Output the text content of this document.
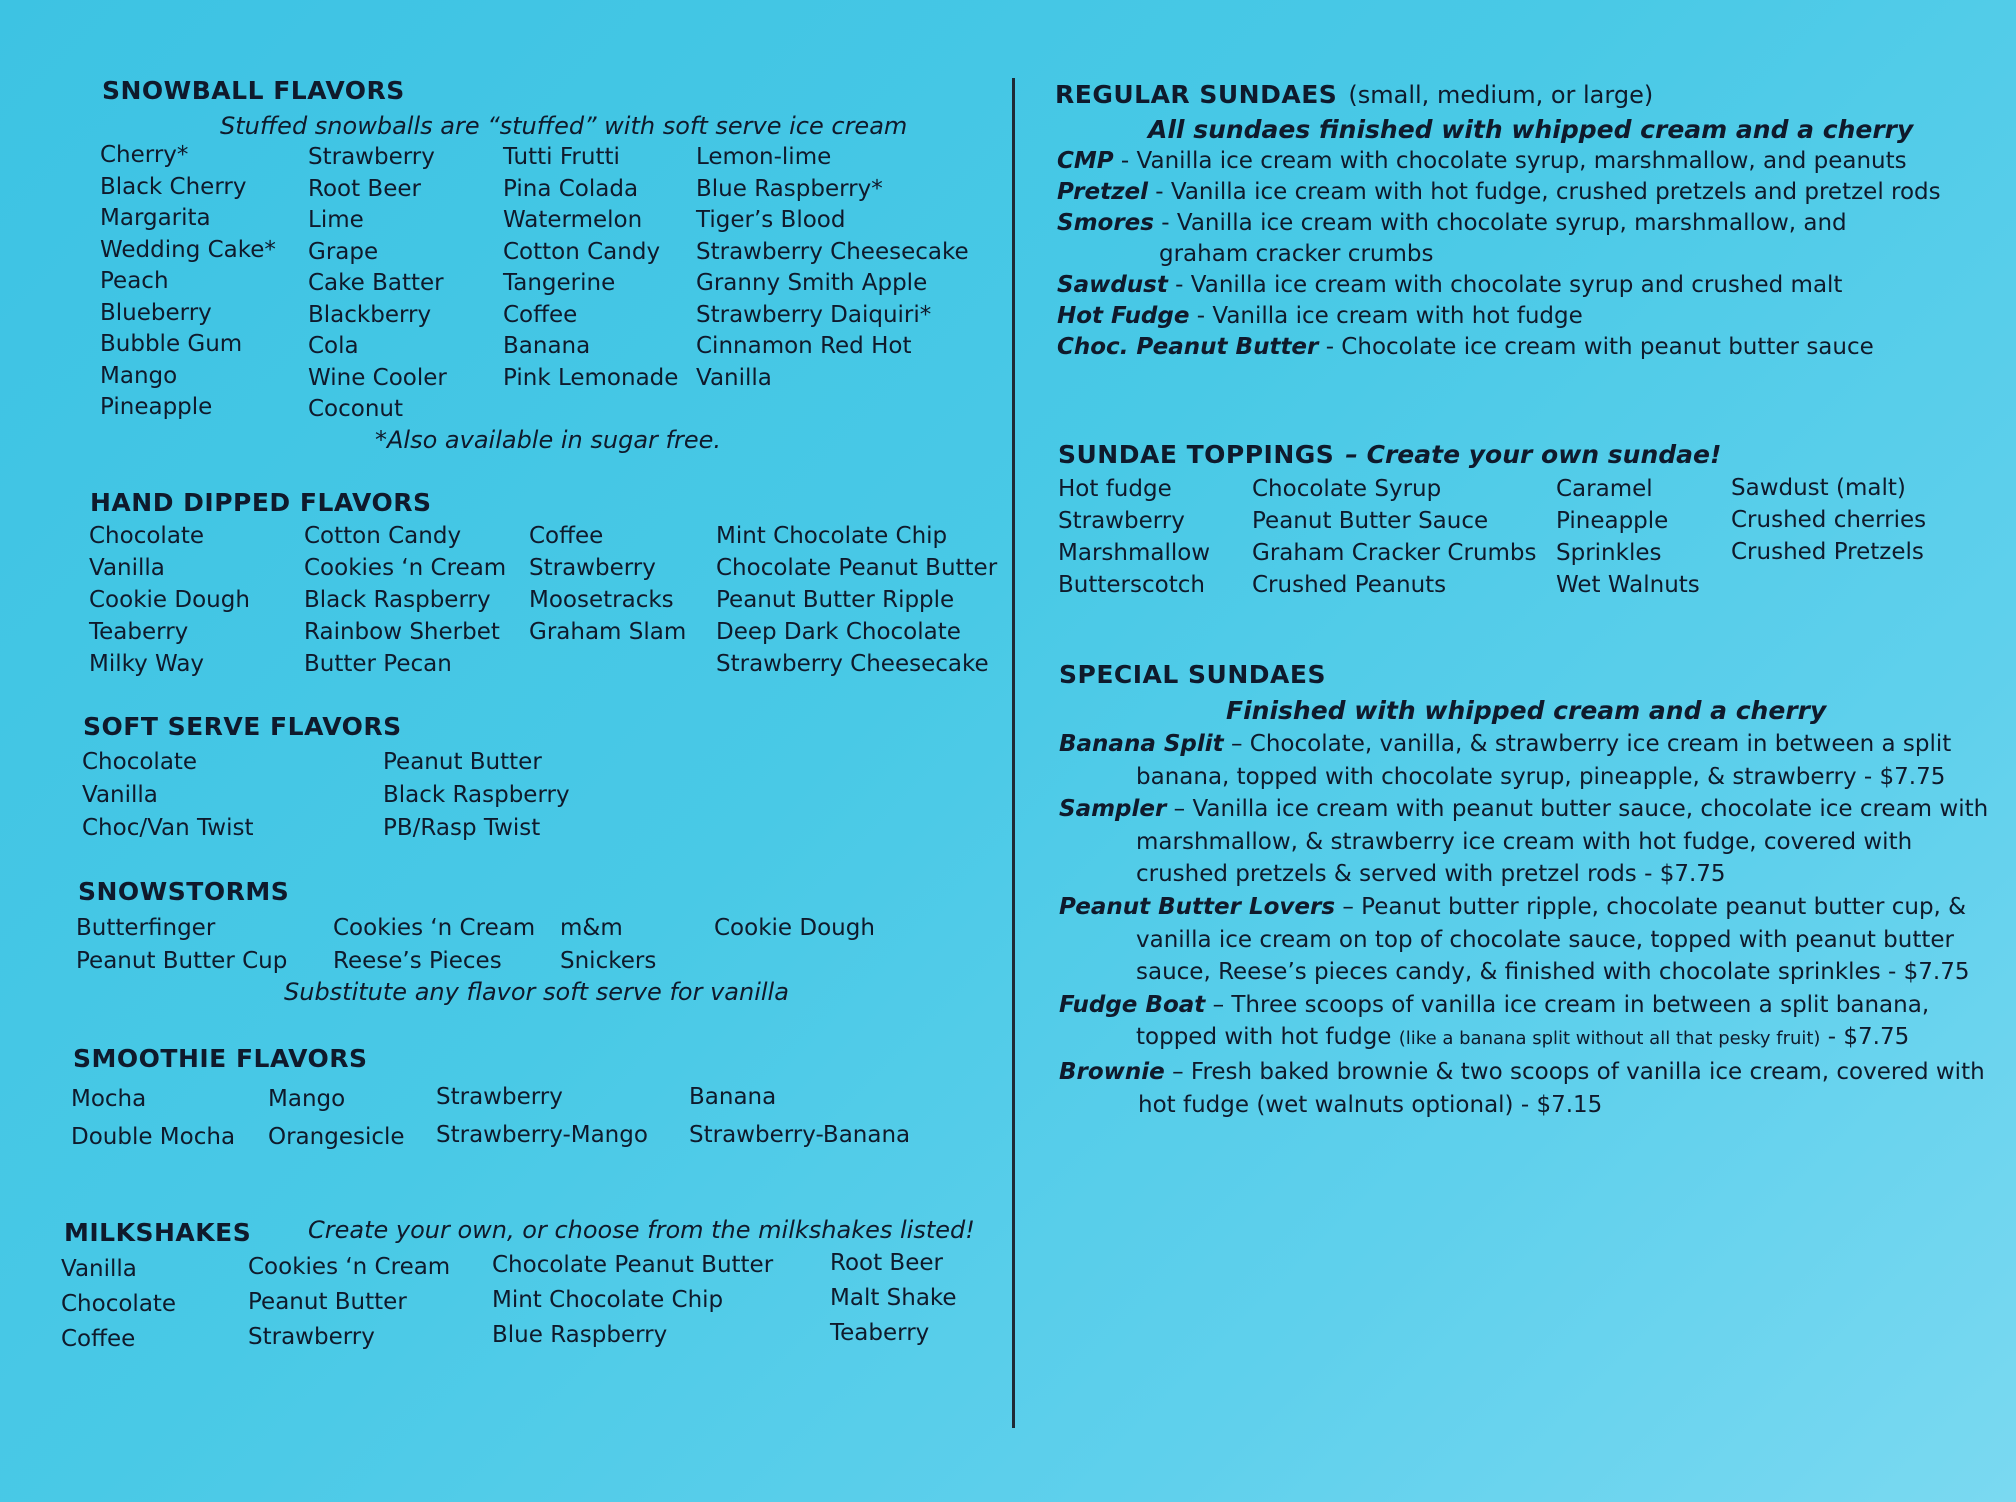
SNOWBALL FLAVORS
Stuffed snowballs are “stuffed” with soft serve ice cream
Cherry*
Black Cherry
Margarita
Wedding Cake*
Peach
Blueberry
Bubble Gum
Mango
Pineapple
Strawberry
Root Beer
Lime
Grape
Cake Batter
Blackberry
Cola
Wine Cooler
Coconut
Tutti Frutti
Pina Colada
Watermelon
Cotton Candy
Tangerine
Coffee
Banana
Pink Lemonade
Lemon-lime
Blue Raspberry*
Tiger’s Blood
Strawberry Cheesecake
Granny Smith Apple
Strawberry Daiquiri*
Cinnamon Red Hot
Vanilla
*Also available in sugar free.
HAND DIPPED FLAVORS
Chocolate
Vanilla
Cookie Dough
Teaberry
Milky Way
Cotton Candy
Cookies ‘n Cream
Black Raspberry
Rainbow Sherbet
Butter Pecan
Coffee
Strawberry
Moosetracks
Graham Slam
Mint Chocolate Chip
Chocolate Peanut Butter
Peanut Butter Ripple
Deep Dark Chocolate
Strawberry Cheesecake
SOFT SERVE FLAVORS
Chocolate
Vanilla
Choc/Van Twist
Peanut Butter
Black Raspberry
PB/Rasp Twist
SNOWSTORMS
Butterfinger
Peanut Butter Cup
Cookies ‘n Cream
Reese’s Pieces
m&m
Snickers
Cookie Dough
Substitute any flavor soft serve for vanilla
SMOOTHIE FLAVORS
Mocha
Double Mocha
Mango
Orangesicle
Strawberry
Strawberry-Mango
Banana
Strawberry-Banana
MILKSHAKES Create your own, or choose from the milkshakes listed!
Vanilla
Chocolate
Coffee
Cookies ‘n Cream
Peanut Butter
Strawberry
Chocolate Peanut Butter
Mint Chocolate Chip
Blue Raspberry
Root Beer
Malt Shake
Teaberry
REGULAR SUNDAES (small, medium, or large)
All sundaes finished with whipped cream and a cherry
CMP - Vanilla ice cream with chocolate syrup, marshmallow, and peanuts
Pretzel - Vanilla ice cream with hot fudge, crushed pretzels and pretzel rods
Smores - Vanilla ice cream with chocolate syrup, marshmallow, and
graham cracker crumbs
Sawdust - Vanilla ice cream with chocolate syrup and crushed malt
Hot Fudge - Vanilla ice cream with hot fudge
Choc. Peanut Butter - Chocolate ice cream with peanut butter sauce
SUNDAE TOPPINGS – Create your own sundae!
Hot fudge
Strawberry
Marshmallow
Butterscotch
Chocolate Syrup
Peanut Butter Sauce
Graham Cracker Crumbs
Crushed Peanuts
Caramel
Pineapple
Sprinkles
Wet Walnuts
Sawdust (malt)
Crushed cherries
Crushed Pretzels
SPECIAL SUNDAES
Finished with whipped cream and a cherry
Banana Split – Chocolate, vanilla, & strawberry ice cream in between a split
banana, topped with chocolate syrup, pineapple, & strawberry - $7.75
Sampler – Vanilla ice cream with peanut butter sauce, chocolate ice cream with
marshmallow, & strawberry ice cream with hot fudge, covered with
crushed pretzels & served with pretzel rods - $7.75
Peanut Butter Lovers – Peanut butter ripple, chocolate peanut butter cup, &
vanilla ice cream on top of chocolate sauce, topped with peanut butter
sauce, Reese’s pieces candy, & finished with chocolate sprinkles - $7.75
Fudge Boat – Three scoops of vanilla ice cream in between a split banana,
topped with hot fudge (like a banana split without all that pesky fruit) - $7.75
Brownie – Fresh baked brownie & two scoops of vanilla ice cream, covered with
hot fudge (wet walnuts optional) - $7.15
